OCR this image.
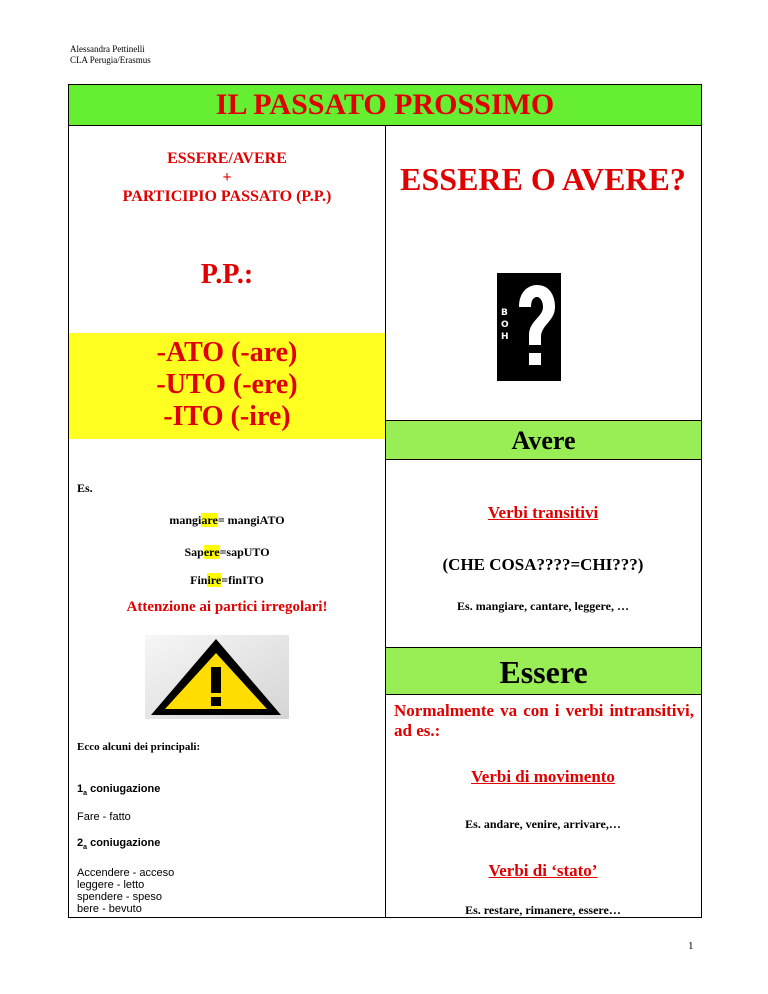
Alessandra Pettinelli
CLA Perugia/Erasmus
IL PASSATO PROSSIMO
ESSERE/AVERE
+
PARTICIPIO PASSATO (P.P.)
P.P.:
-ATO (-are)
-UTO (-ere)
-ITO (-ire)
Es.
mangiare= mangiATO
Sapere=sapUTO
Finire=finITO
Attenzione ai partici irregolari!
Ecco alcuni dei principali:
$1_a$ coniugazione
Fare - fatto
$2_a$ coniugazione
Accendere - acceso
leggere - letto
spendere - speso
bere - bevuto
ESSERE O AVERE?
B
O
H
Avere
Verbi transitivi
(CHE COSA????=CHI???)
Es. mangiare, cantare, leggere, …
Essere
Normalmente va con i verbi intransitivi, ad es.:
Verbi di movimento
Es. andare, venire, arrivare,…
Verbi di ‘stato’
Es. restare, rimanere, essere…
1
